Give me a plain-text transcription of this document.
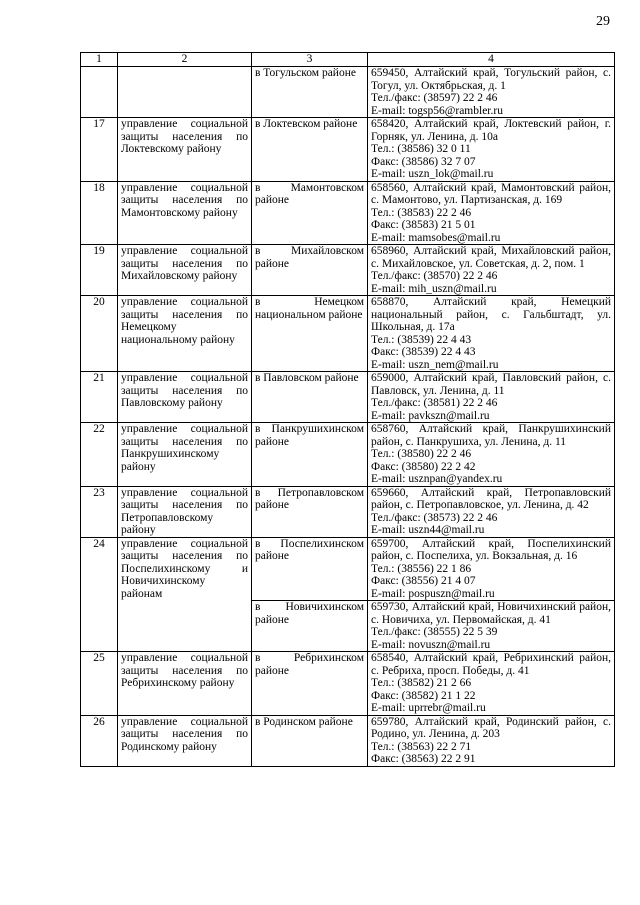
29
1	2	3	4
		в Тогульском районе	659450, Алтайский край, Тогульский район, с. Тогул, ул. Октябрьская, д. 1
Тел./факс: (38597) 22 2 46
E-mail: togsp56@rambler.ru

17	управление социальной защиты населения по Локтевскому району	в Локтевском районе	658420, Алтайский край, Локтевский район, г. Горняк, ул. Ленина, д. 10а
Тел.: (38586) 32 0 11
Факс: (38586) 32 7 07
E-mail: uszn_lok@mail.ru

18	управление социальной защиты населения по Мамонтовскому району	в Мамонтовском районе	658560, Алтайский край, Мамонтовский район, с. Мамонтово, ул. Партизанская, д. 169
Тел.: (38583) 22 2 46
Факс: (38583) 21 5 01
E-mail: mamsobes@mail.ru

19	управление социальной защиты населения по Михайловскому району	в Михайловском районе	658960, Алтайский край, Михайловский район, с. Михайловское, ул. Советская, д. 2, пом. 1
Тел./факс: (38570) 22 2 46
E-mail: mih_uszn@mail.ru

20	управление социальной защиты населения по Немецкому национальному району	в Немецком национальном районе	658870, Алтайский край, Немецкий национальный район, с. Гальбштадт, ул. Школьная, д. 17а
Тел.: (38539) 22 4 43
Факс: (38539) 22 4 43
E-mail: uszn_nem@mail.ru

21	управление социальной защиты населения по Павловскому району	в Павловском районе	659000, Алтайский край, Павловский район, с. Павловск, ул. Ленина, д. 11
Тел./факс: (38581) 22 2 46
E-mail: pavkszn@mail.ru

22	управление социальной защиты населения по Панкрушихинскому району	в Панкрушихинском районе	658760, Алтайский край, Панкрушихинский район, с. Панкрушиха, ул. Ленина, д. 11
Тел.: (38580) 22 2 46
Факс: (38580) 22 2 42
E-mail: usznpan@yandex.ru

23	управление социальной защиты населения по Петропавловскому району	в Петропавловском районе	659660, Алтайский край, Петропавловский район, с. Петропавловское, ул. Ленина, д. 42
Тел./факс: (38573) 22 2 46
E-mail: uszn44@mail.ru

24	управление социальной защиты населения по Поспелихинскому и Новичихинскому районам	в Поспелихинском районе	659700, Алтайский край, Поспелихинский район, с. Поспелиха, ул. Вокзальная, д. 16
Тел.: (38556) 22 1 86
Факс: (38556) 21 4 07
E-mail: pospuszn@mail.ru

		в Новичихинском районе	659730, Алтайский край, Новичихинский район, с. Новичиха, ул. Первомайская, д. 41
Тел./факс: (38555) 22 5 39
E-mail: novuszn@mail.ru

25	управление социальной защиты населения по Ребрихинскому району	в Ребрихинском районе	658540, Алтайский край, Ребрихинский район, с. Ребриха, просп. Победы, д. 41
Тел.: (38582) 21 2 66
Факс: (38582) 21 1 22
E-mail: uprrebr@mail.ru

26	управление социальной защиты населения по Родинскому району	в Родинском районе	659780, Алтайский край, Родинский район, с. Родино, ул. Ленина, д. 203
Тел.: (38563) 22 2 71
Факс: (38563) 22 2 91
